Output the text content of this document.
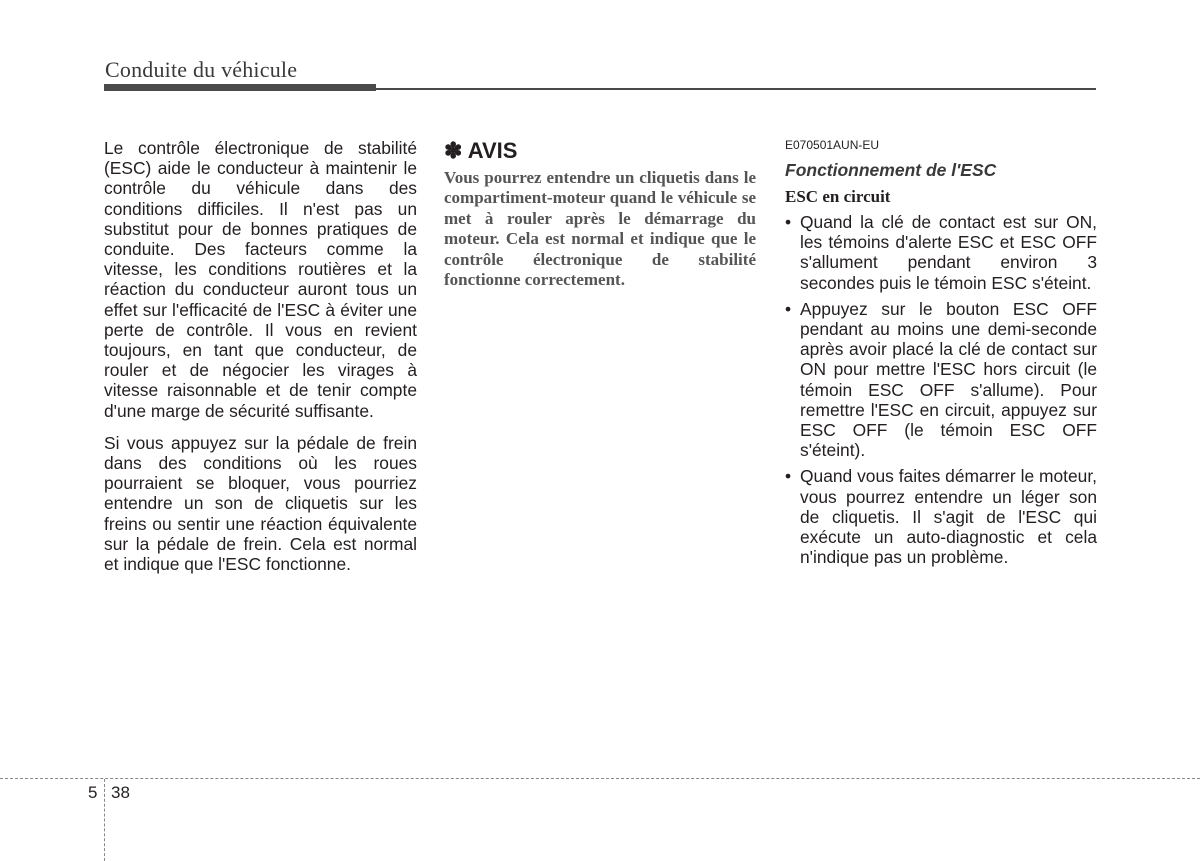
Conduite du véhicule

Le contrôle électronique de stabilité (ESC) aide le conducteur à maintenir le contrôle du véhicule dans des conditions difficiles. Il n'est pas un substitut pour de bonnes pratiques de conduite. Des facteurs comme la vitesse, les conditions routières et la réaction du conducteur auront tous un effet sur l'efficacité de l'ESC à éviter une perte de contrôle. Il vous en revient toujours, en tant que conducteur, de rouler et de négocier les virages à vitesse raisonnable et de tenir compte d'une marge de sécurité suffisante.

Si vous appuyez sur la pédale de frein dans des conditions où les roues pourraient se bloquer, vous pourriez entendre un son de cliquetis sur les freins ou sentir une réaction équivalente sur la pédale de frein. Cela est normal et indique que l'ESC fonctionne.

✽ AVIS

Vous pourrez entendre un cliquetis dans le compartiment-moteur quand le véhicule se met à rouler après le démarrage du moteur. Cela est normal et indique que le contrôle électronique de stabilité fonctionne correctement.

E070501AUN-EU
Fonctionnement de l'ESC
ESC en circuit
• Quand la clé de contact est sur ON, les témoins d'alerte ESC et ESC OFF s'allument pendant environ 3 secondes puis le témoin ESC s'éteint.
• Appuyez sur le bouton ESC OFF pendant au moins une demi-seconde après avoir placé la clé de contact sur ON pour mettre l'ESC hors circuit (le témoin ESC OFF s'allume). Pour remettre l'ESC en circuit, appuyez sur ESC OFF (le témoin ESC OFF s'éteint).
• Quand vous faites démarrer le moteur, vous pourrez entendre un léger son de cliquetis. Il s'agit de l'ESC qui exécute un auto-diagnostic et cela n'indique pas un problème.
5 38
